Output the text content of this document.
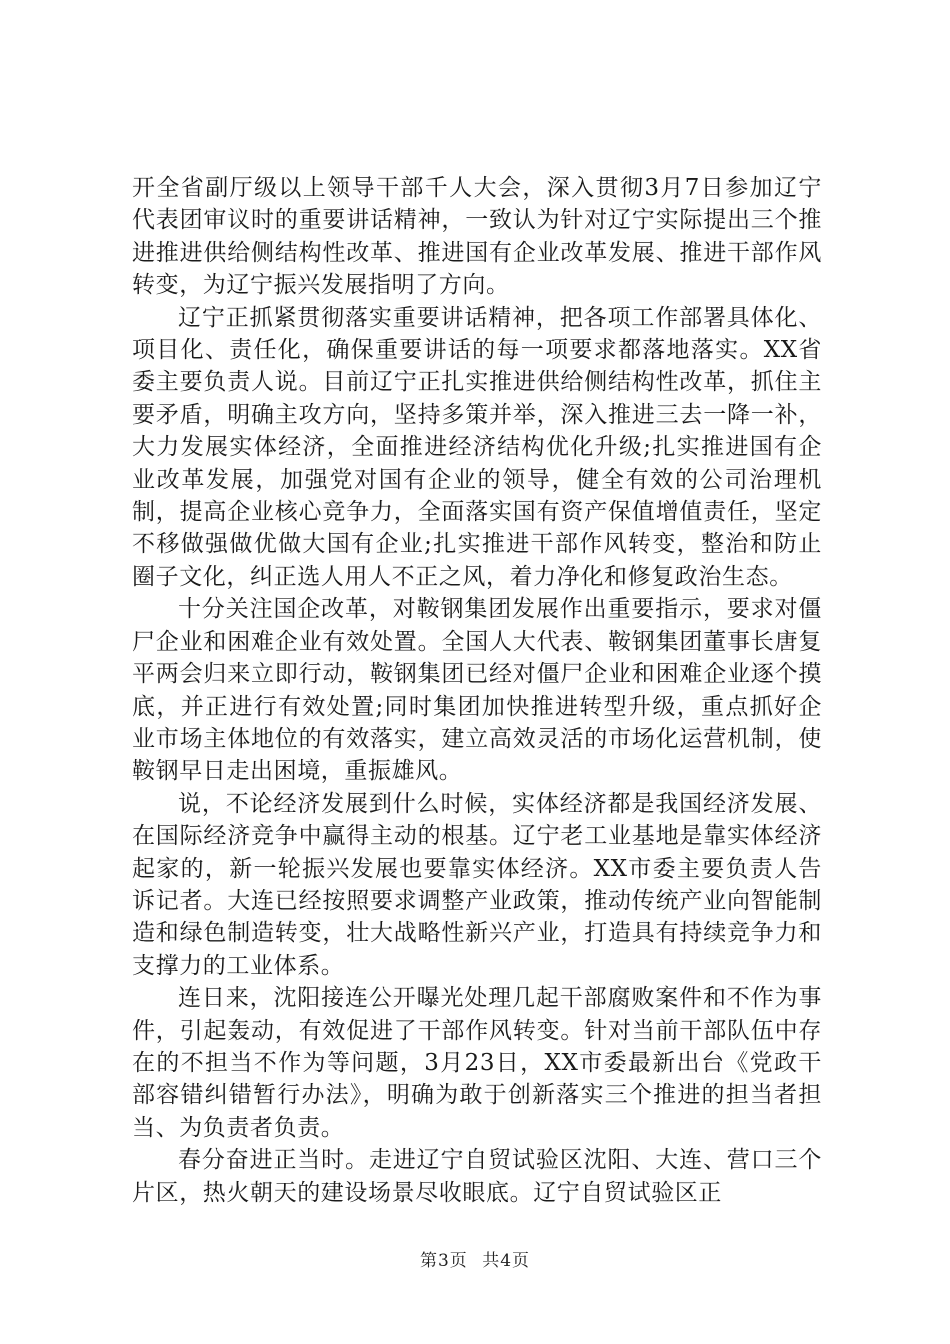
开全省副厅级以上领导干部千人大会，深入贯彻3月7日参加辽宁代表团审议时的重要讲话精神，一致认为针对辽宁实际提出三个推进推进供给侧结构性改革、推进国有企业改革发展、推进干部作风转变，为辽宁振兴发展指明了方向。

辽宁正抓紧贯彻落实重要讲话精神，把各项工作部署具体化、项目化、责任化，确保重要讲话的每一项要求都落地落实。XX省委主要负责人说。目前辽宁正扎实推进供给侧结构性改革，抓住主要矛盾，明确主攻方向，坚持多策并举，深入推进三去一降一补，大力发展实体经济，全面推进经济结构优化升级;扎实推进国有企业改革发展，加强党对国有企业的领导，健全有效的公司治理机制，提高企业核心竞争力，全面落实国有资产保值增值责任，坚定不移做强做优做大国有企业;扎实推进干部作风转变，整治和防止圈子文化，纠正选人用人不正之风，着力净化和修复政治生态。

十分关注国企改革，对鞍钢集团发展作出重要指示，要求对僵尸企业和困难企业有效处置。全国人大代表、鞍钢集团董事长唐复平两会归来立即行动，鞍钢集团已经对僵尸企业和困难企业逐个摸底，并正进行有效处置;同时集团加快推进转型升级，重点抓好企业市场主体地位的有效落实，建立高效灵活的市场化运营机制，使鞍钢早日走出困境，重振雄风。

说，不论经济发展到什么时候，实体经济都是我国经济发展、在国际经济竞争中赢得主动的根基。辽宁老工业基地是靠实体经济起家的，新一轮振兴发展也要靠实体经济。XX市委主要负责人告诉记者。大连已经按照要求调整产业政策，推动传统产业向智能制造和绿色制造转变，壮大战略性新兴产业，打造具有持续竞争力和支撑力的工业体系。

连日来，沈阳接连公开曝光处理几起干部腐败案件和不作为事件，引起轰动，有效促进了干部作风转变。针对当前干部队伍中存在的不担当不作为等问题，3月23日，XX市委最新出台《党政干部容错纠错暂行办法》，明确为敢于创新落实三个推进的担当者担当、为负责者负责。

春分奋进正当时。走进辽宁自贸试验区沈阳、大连、营口三个片区，热火朝天的建设场景尽收眼底。辽宁自贸试验区正

第3页 共4页
